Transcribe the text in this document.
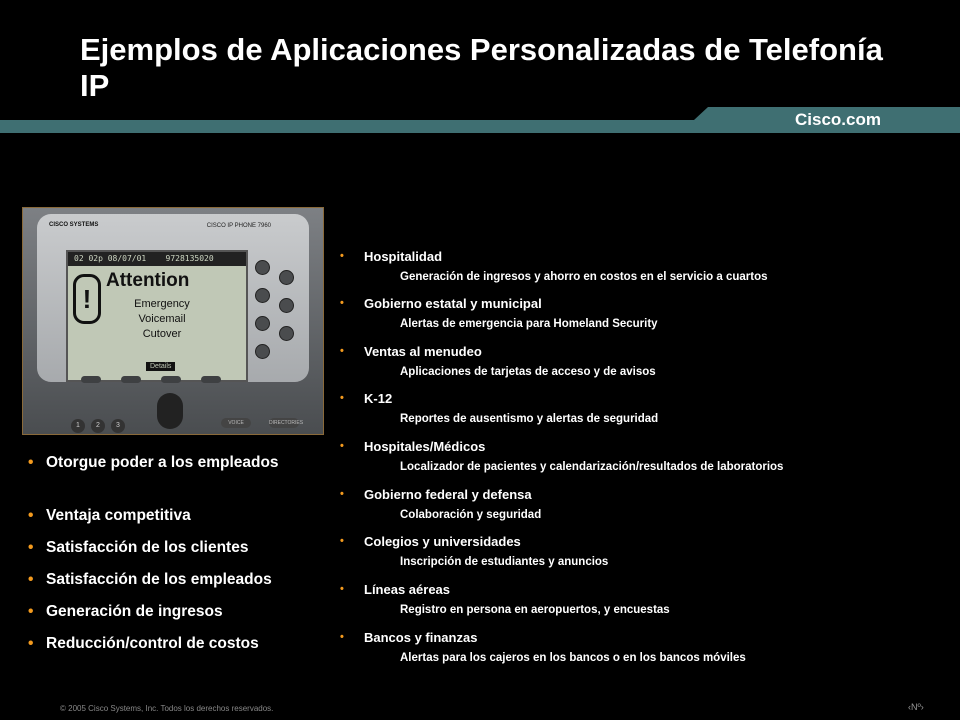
Ejemplos de Aplicaciones Personalizadas de Telefonía IP
Cisco.com
CISCO SYSTEMS	CISCO IP PHONE 7960
02 02p 08/07/01    9728135020
!
Attention
Emergency
Voicemail
Cutover
Details
1	2	3	VOICE	DIRECTORIES
• Otorgue poder a los empleados
• Ventaja competitiva
• Satisfacción de los clientes
• Satisfacción de los empleados
• Generación de ingresos
• Reducción/control de costos
• Hospitalidad
Generación de ingresos y ahorro en costos en el servicio a cuartos
• Gobierno estatal y municipal
Alertas de emergencia para Homeland Security
• Ventas al menudeo
Aplicaciones de tarjetas de acceso y de avisos
• K-12
Reportes de ausentismo y alertas de seguridad
• Hospitales/Médicos
Localizador de pacientes y calendarización/resultados de laboratorios
• Gobierno federal y defensa
Colaboración y seguridad
• Colegios y universidades
Inscripción de estudiantes y anuncios
• Líneas aéreas
Registro en persona en aeropuertos, y encuestas
• Bancos y finanzas
Alertas para los cajeros en los bancos o en los bancos móviles
© 2005 Cisco Systems, Inc. Todos los derechos reservados.	‹Nº›
